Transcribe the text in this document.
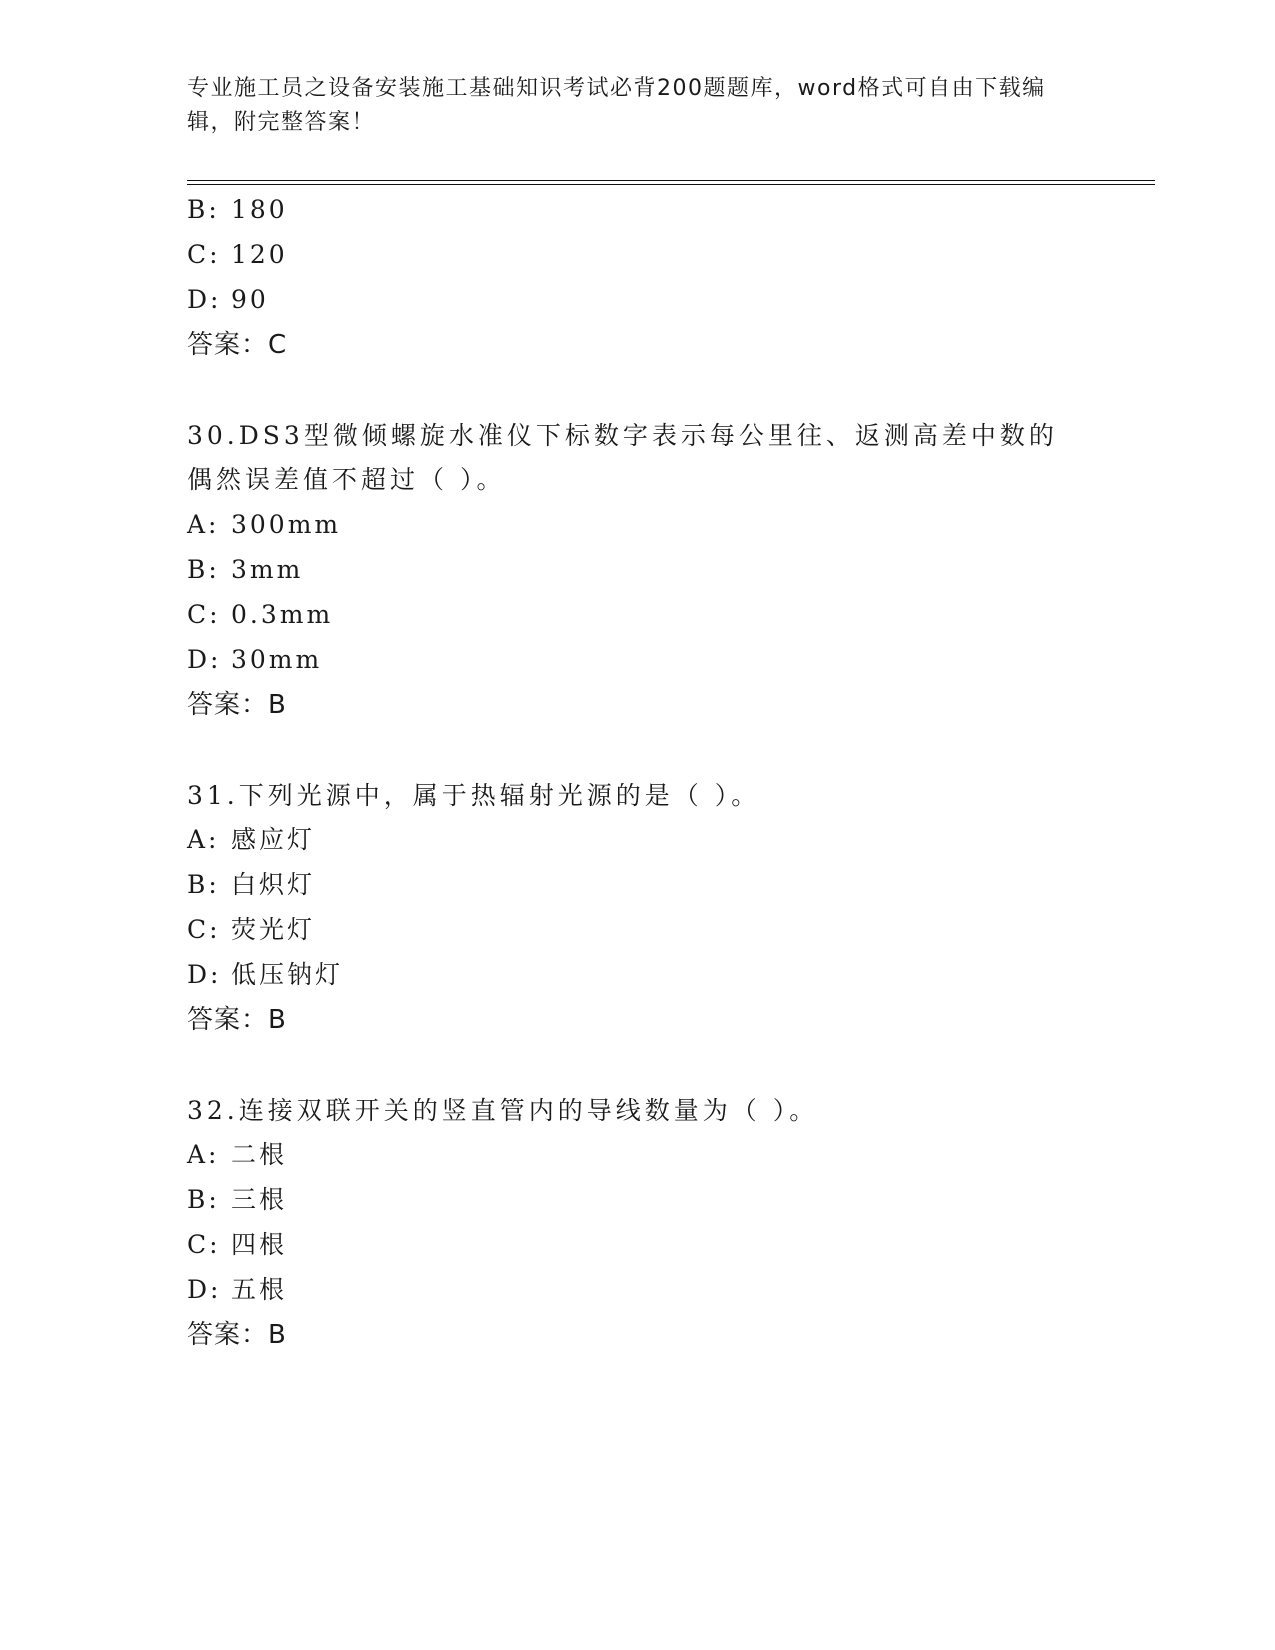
专业施工员之设备安装施工基础知识考试必背200题题库，word格式可自由下载编辑，附完整答案！
B: 180
C: 120
D: 90
答案：C
30.DS3型微倾螺旋水准仪下标数字表示每公里往、返测高差中数的偶然误差值不超过（ ）。
A: 300mm
B: 3mm
C: 0.3mm
D: 30mm
答案：B
31.下列光源中，属于热辐射光源的是（ ）。
A: 感应灯
B: 白炽灯
C: 荧光灯
D: 低压钠灯
答案：B
32.连接双联开关的竖直管内的导线数量为（ ）。
A: 二根
B: 三根
C: 四根
D: 五根
答案：B
